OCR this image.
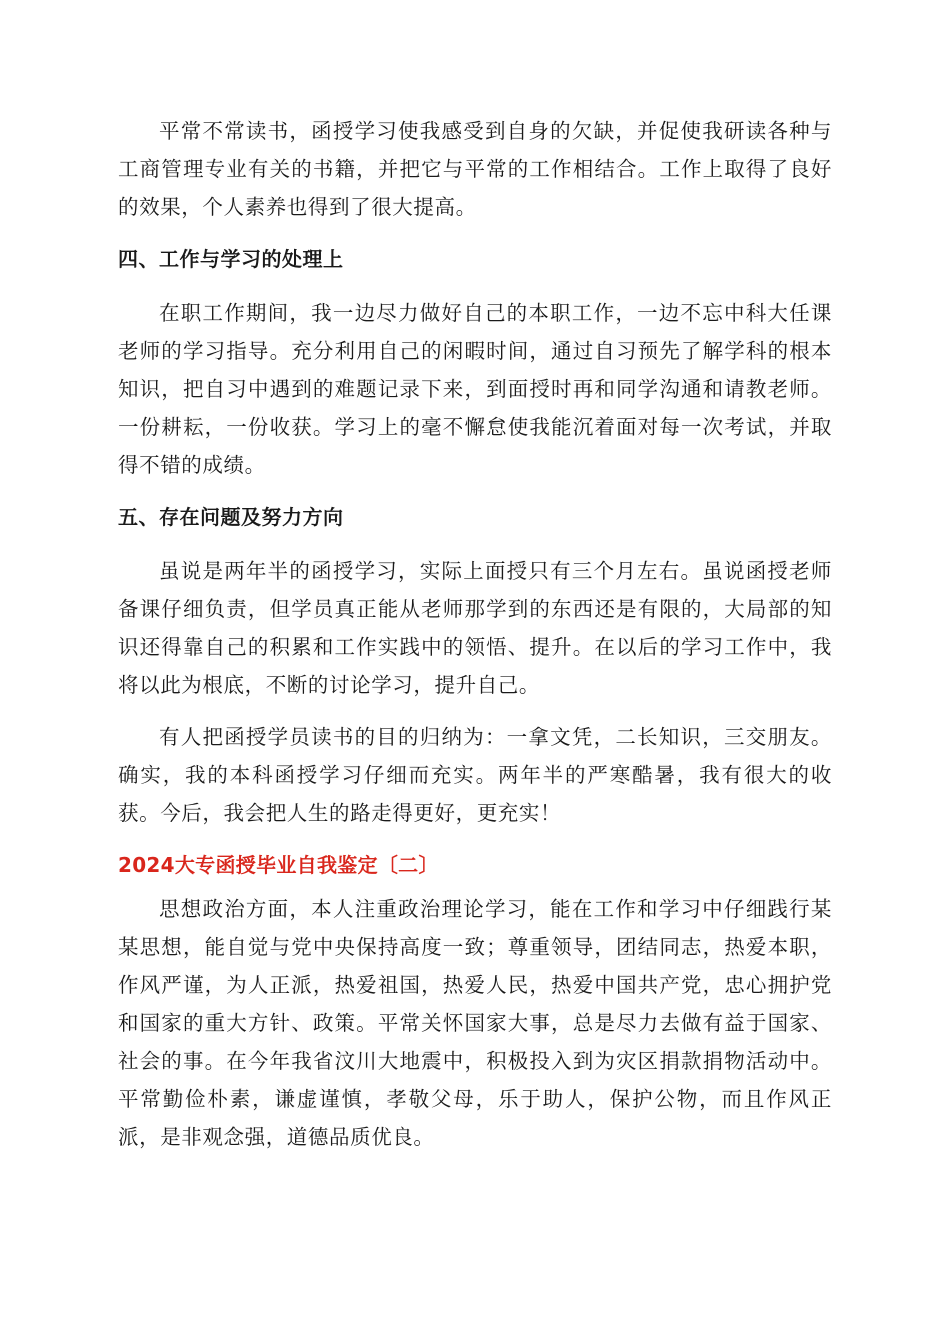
平常不常读书，函授学习使我感受到自身的欠缺，并促使我研读各种与工商管理专业有关的书籍，并把它与平常的工作相结合。工作上取得了良好的效果，个人素养也得到了很大提高。

四、工作与学习的处理上

在职工作期间，我一边尽力做好自己的本职工作，一边不忘中科大任课老师的学习指导。充分利用自己的闲暇时间，通过自习预先了解学科的根本知识，把自习中遇到的难题记录下来，到面授时再和同学沟通和请教老师。一份耕耘，一份收获。学习上的毫不懈怠使我能沉着面对每一次考试，并取得不错的成绩。

五、存在问题及努力方向

虽说是两年半的函授学习，实际上面授只有三个月左右。虽说函授老师备课仔细负责，但学员真正能从老师那学到的东西还是有限的，大局部的知识还得靠自己的积累和工作实践中的领悟、提升。在以后的学习工作中，我将以此为根底，不断的讨论学习，提升自己。

有人把函授学员读书的目的归纳为：一拿文凭，二长知识，三交朋友。确实，我的本科函授学习仔细而充实。两年半的严寒酷暑，我有很大的收获。今后，我会把人生的路走得更好，更充实！

2024大专函授毕业自我鉴定〔二〕

思想政治方面，本人注重政治理论学习，能在工作和学习中仔细践行某某思想，能自觉与党中央保持高度一致；尊重领导，团结同志，热爱本职，作风严谨，为人正派，热爱祖国，热爱人民，热爱中国共产党，忠心拥护党和国家的重大方针、政策。平常关怀国家大事，总是尽力去做有益于国家、社会的事。在今年我省汶川大地震中，积极投入到为灾区捐款捐物活动中。平常勤俭朴素，谦虚谨慎，孝敬父母，乐于助人，保护公物，而且作风正派，是非观念强，道德品质优良。
